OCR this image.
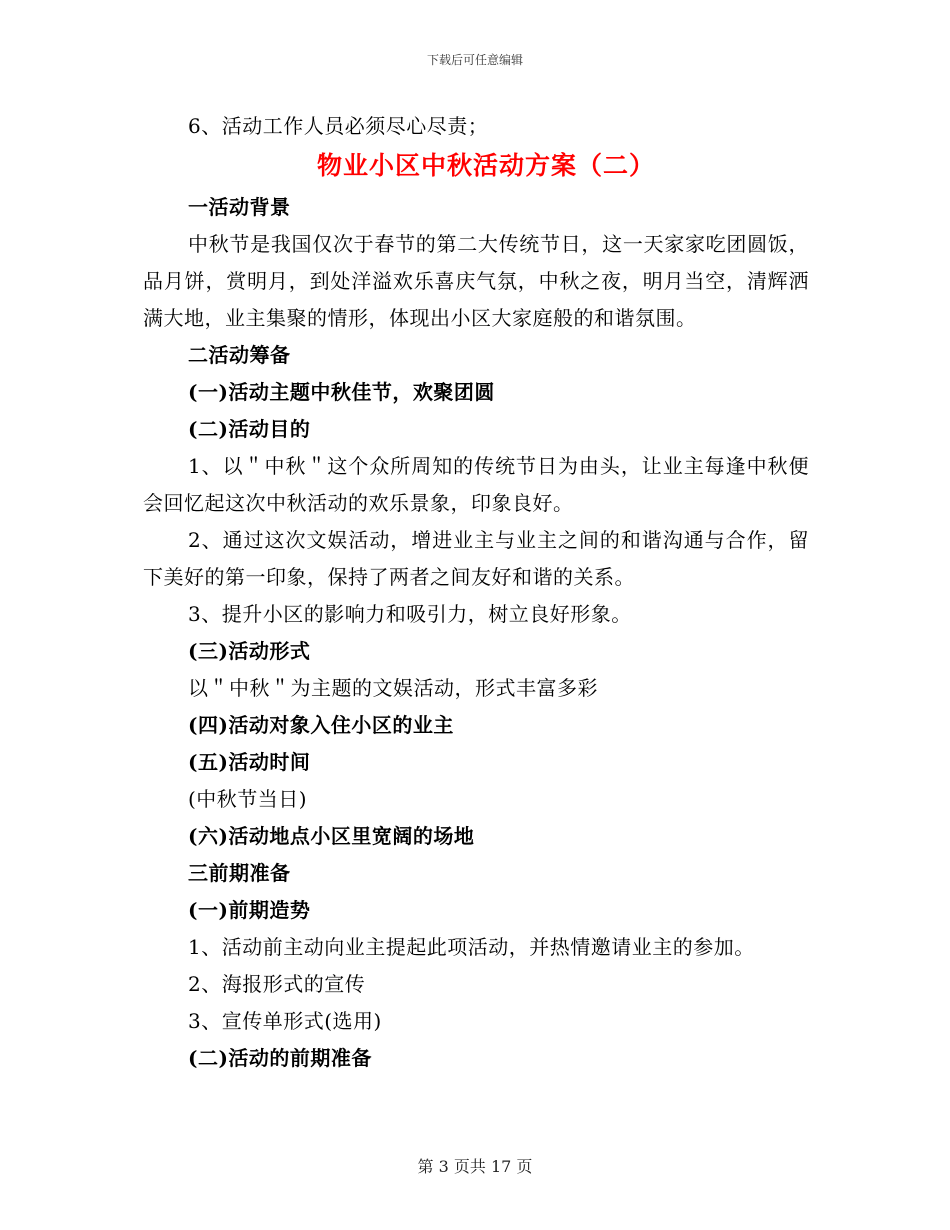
下载后可任意编辑
6、活动工作人员必须尽心尽责；
物业小区中秋活动方案（二）
一活动背景
中秋节是我国仅次于春节的第二大传统节日，这一天家家吃团圆饭，品月饼，赏明月，到处洋溢欢乐喜庆气氛，中秋之夜，明月当空，清辉洒满大地，业主集聚的情形，体现出小区大家庭般的和谐氛围。
二活动筹备
(一)活动主题中秋佳节，欢聚团圆
(二)活动目的
1、以＂中秋＂这个众所周知的传统节日为由头，让业主每逢中秋便会回忆起这次中秋活动的欢乐景象，印象良好。
2、通过这次文娱活动，增进业主与业主之间的和谐沟通与合作，留下美好的第一印象，保持了两者之间友好和谐的关系。
3、提升小区的影响力和吸引力，树立良好形象。
(三)活动形式
以＂中秋＂为主题的文娱活动，形式丰富多彩
(四)活动对象入住小区的业主
(五)活动时间
(中秋节当日)
(六)活动地点小区里宽阔的场地
三前期准备
(一)前期造势
1、活动前主动向业主提起此项活动，并热情邀请业主的参加。
2、海报形式的宣传
3、宣传单形式(选用)
(二)活动的前期准备
第 3 页共 17 页
